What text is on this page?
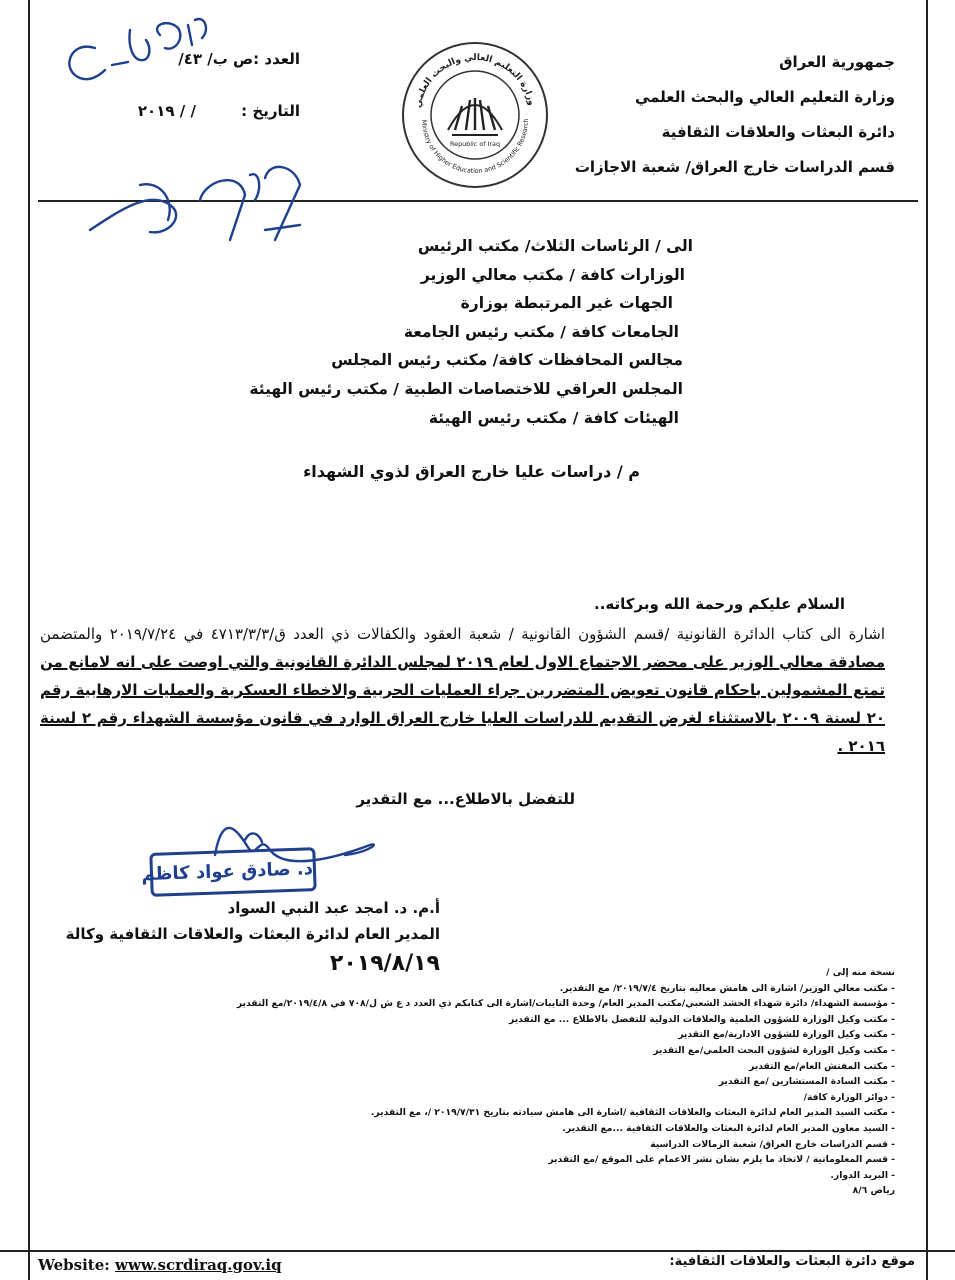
جمهورية العراق
وزارة التعليم العالي والبحث العلمي
دائرة البعثات والعلاقات الثقافية
قسم الدراسات خارج العراق/ شعبة الاجازات
العدد :ص ب/ ٤٣/
التاريخ : / / ٢٠١٩	وزارة التعليم العالي والبحث العلمي
Ministry of Higher Education and Scientific Research
Republic of Iraq
الى / الرئاسات الثلاث/ مكتب الرئيس
الوزارات كافة / مكتب معالي الوزير
الجهات غير المرتبطة بوزارة
الجامعات كافة / مكتب رئيس الجامعة
مجالس المحافظات كافة/ مكتب رئيس المجلس
المجلس العراقي للاختصاصات الطبية / مكتب رئيس الهيئة
الهيئات كافة / مكتب رئيس الهيئة
م / دراسات عليا خارج العراق لذوي الشهداء
السلام عليكم ورحمة الله وبركاته..
اشارة الى كتاب الدائرة القانونية /قسم الشؤون القانونية / شعبة العقود والكفالات ذي العدد ق/٤٧١٣/٣/٣ في ٢٠١٩/٧/٢٤ والمتضمن مصادقة معالي الوزير على محضر الاجتماع الاول لعام ٢٠١٩ لمجلس الدائرة القانونية والتي اوصت على انه لامانع من تمتع المشمولين باحكام قانون تعويض المتضررين جراء العمليات الحربية والاخطاء العسكرية والعمليات الارهابية رقم ٢٠ لسنة ٢٠٠٩ بالاستثناء لغرض التقديم للدراسات العليا خارج العراق الوارد في قانون مؤسسة الشهداء رقم ٢ لسنة ٢٠١٦ .
للتفضل بالاطلاع... مع التقدير
د. صادق عواد كاظم
أ.م. د. امجد عبد النبي السواد
المدير العام لدائرة البعثات والعلاقات الثقافية وكالة
٢٠١٩/٨/١٩	نسخة منه إلى /
- مكتب معالي الوزير/ اشارة الى هامش معاليه بتاريخ ٢٠١٩/٧/٤/ مع التقدير.
- مؤسسة الشهداء/ دائرة شهداء الحشد الشعبي/مكتب المدير العام/ وحدة التايبات/اشارة الى كتابكم ذي العدد د ع ش ل/٧٠٨ في ٢٠١٩/٤/٨/مع التقدير
- مكتب وكيل الوزارة للشؤون العلمية والعلاقات الدولية للتفضل بالاطلاع ... مع التقدير
- مكتب وكيل الوزارة للشؤون الادارية/مع التقدير
- مكتب وكيل الوزارة لشؤون البحث العلمي/مع التقدير
- مكتب المفتش العام/مع التقدير
- مكتب السادة المستشارين /مع التقدير
- دوائر الوزارة كافة/
- مكتب السيد المدير العام لدائرة البعثات والعلاقات الثقافية /اشارة الى هامش سيادته بتاريخ ٢٠١٩/٧/٣١ /، مع التقدير.
- السيد معاون المدير العام لدائرة البعثات والعلاقات الثقافية ...مع التقدير.
- قسم الدراسات خارج العراق/ شعبة الزمالات الدراسية
- قسم المعلوماتية / لاتخاذ ما يلزم بشان نشر الاعمام على الموقع /مع التقدير
- البريد الدوار.
رياض ٨/٦
Website: www.scrdiraq.gov.iq	موقع دائرة البعثات والعلاقات الثقافية:
